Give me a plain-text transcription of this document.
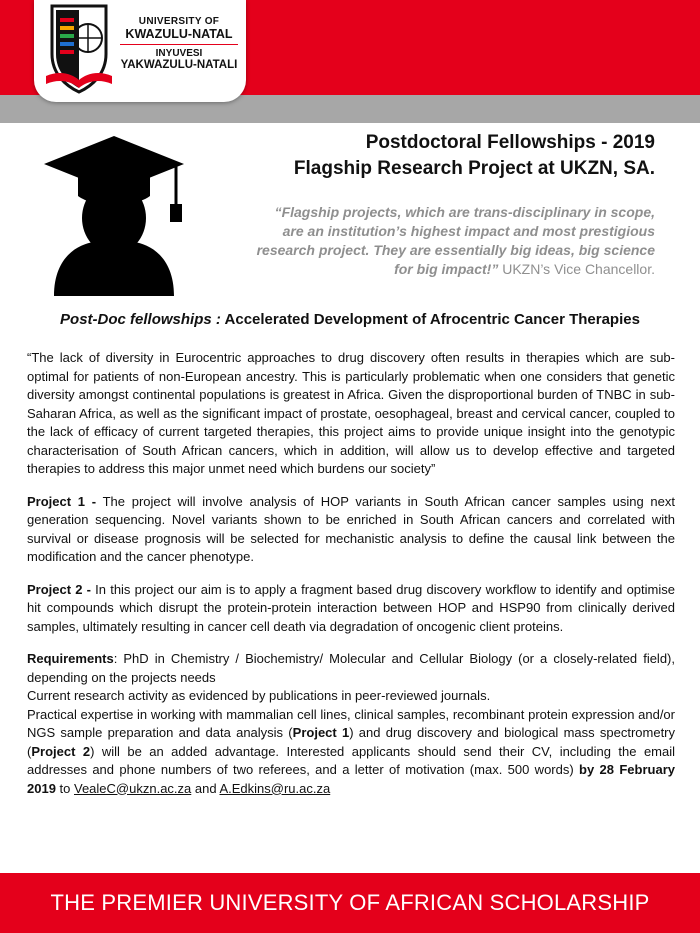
UNIVERSITY OF
KWAZULU-NATAL
INYUVESI
YAKWAZULU-NATALI
Postdoctoral Fellowships - 2019
Flagship Research Project at UKZN, SA.
“Flagship projects, which are trans-disciplinary in scope, are an institution’s highest impact and most prestigious research project. They are essentially big ideas, big science for big impact!” UKZN’s Vice Chancellor.
Post-Doc fellowships : Accelerated Development of Afrocentric Cancer Therapies

“The lack of diversity in Eurocentric approaches to drug discovery often results in therapies which are sub-optimal for patients of non-European ancestry. This is particularly problematic when one considers that genetic diversity amongst continental populations is greatest in Africa. Given the disproportional burden of TNBC in sub-Saharan Africa, as well as the significant impact of prostate, oesophageal, breast and cervical cancer, coupled to the lack of efficacy of current targeted therapies, this project aims to provide unique insight into the genotypic characterisation of South African cancers, which in addition, will allow us to develop effective and targeted therapies to address this major unmet need which burdens our society”

Project 1 - The project will involve analysis of HOP variants in South African cancer samples using next generation sequencing. Novel variants shown to be enriched in South African cancers and correlated with survival or disease prognosis will be selected for mechanistic analysis to define the causal link between the modification and the cancer phenotype.

Project 2 - In this project our aim is to apply a fragment based drug discovery workflow to identify and optimise hit compounds which disrupt the protein-protein interaction between HOP and HSP90 from clinically derived samples, ultimately resulting in cancer cell death via degradation of oncogenic client proteins.

Requirements: PhD in Chemistry / Biochemistry/ Molecular and Cellular Biology (or a closely-related field), depending on the projects needs

Current research activity as evidenced by publications in peer-reviewed journals.

Practical expertise in working with mammalian cell lines, clinical samples, recombinant protein expression and/or NGS sample preparation and data analysis (Project 1) and drug discovery and biological mass spectrometry (Project 2) will be an added advantage. Interested applicants should send their CV, including the email addresses and phone numbers of two referees, and a letter of motivation (max. 500 words) by 28 February 2019 to VealeC@ukzn.ac.za and A.Edkins@ru.ac.za

THE PREMIER UNIVERSITY OF AFRICAN SCHOLARSHIP
